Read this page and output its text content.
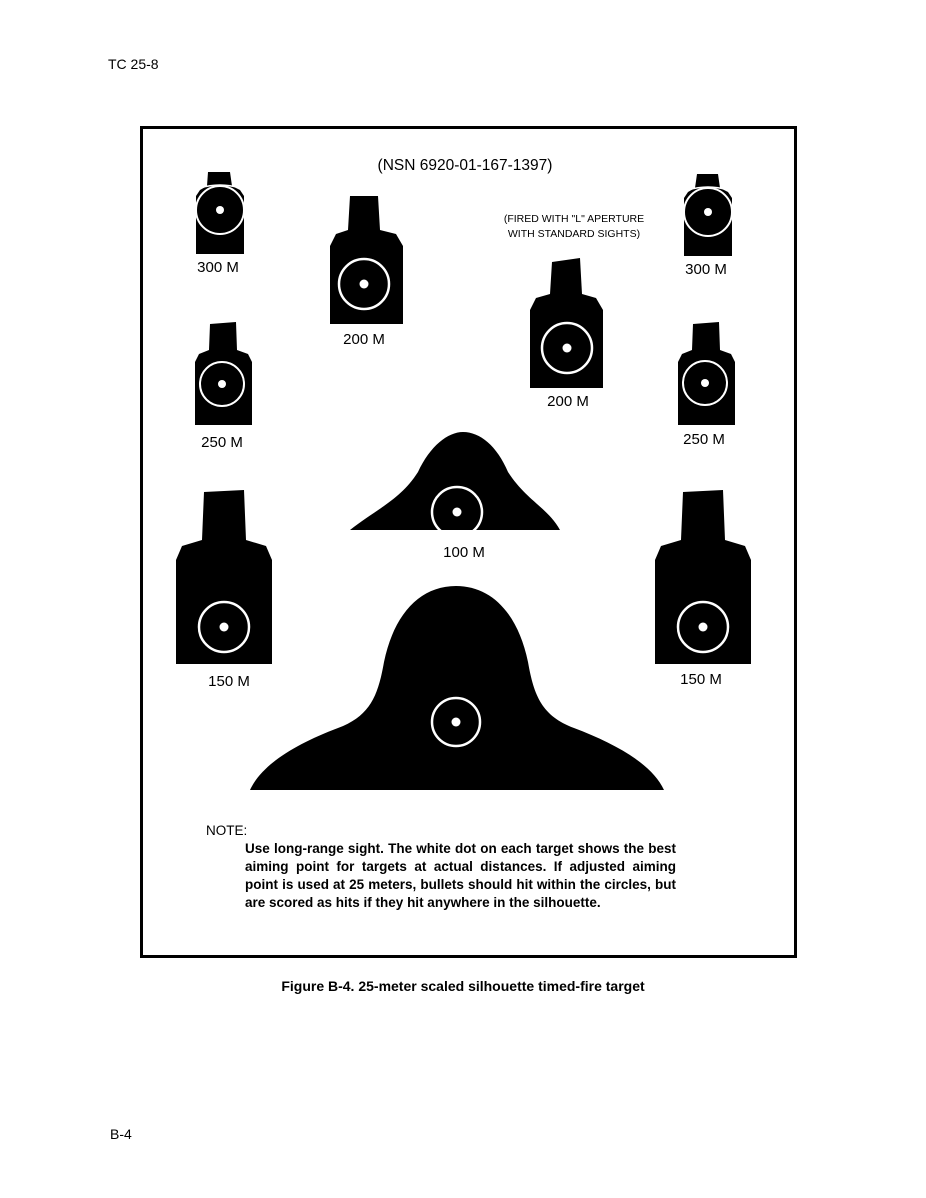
TC 25-8
(NSN 6920-01-167-1397)
(FIRED WITH "L" APERTURE
WITH STANDARD SIGHTS)
300 M	300 M
200 M
200 M
250 M	250 M
100 M
150 M	150 M
NOTE:
Use long-range sight. The white dot on each target shows the best aiming point for targets at actual distances. If adjusted aiming point is used at 25 meters, bullets should hit within the circles, but are scored as hits if they hit anywhere in the silhouette.
Figure B-4. 25-meter scaled silhouette timed-fire target
B-4
